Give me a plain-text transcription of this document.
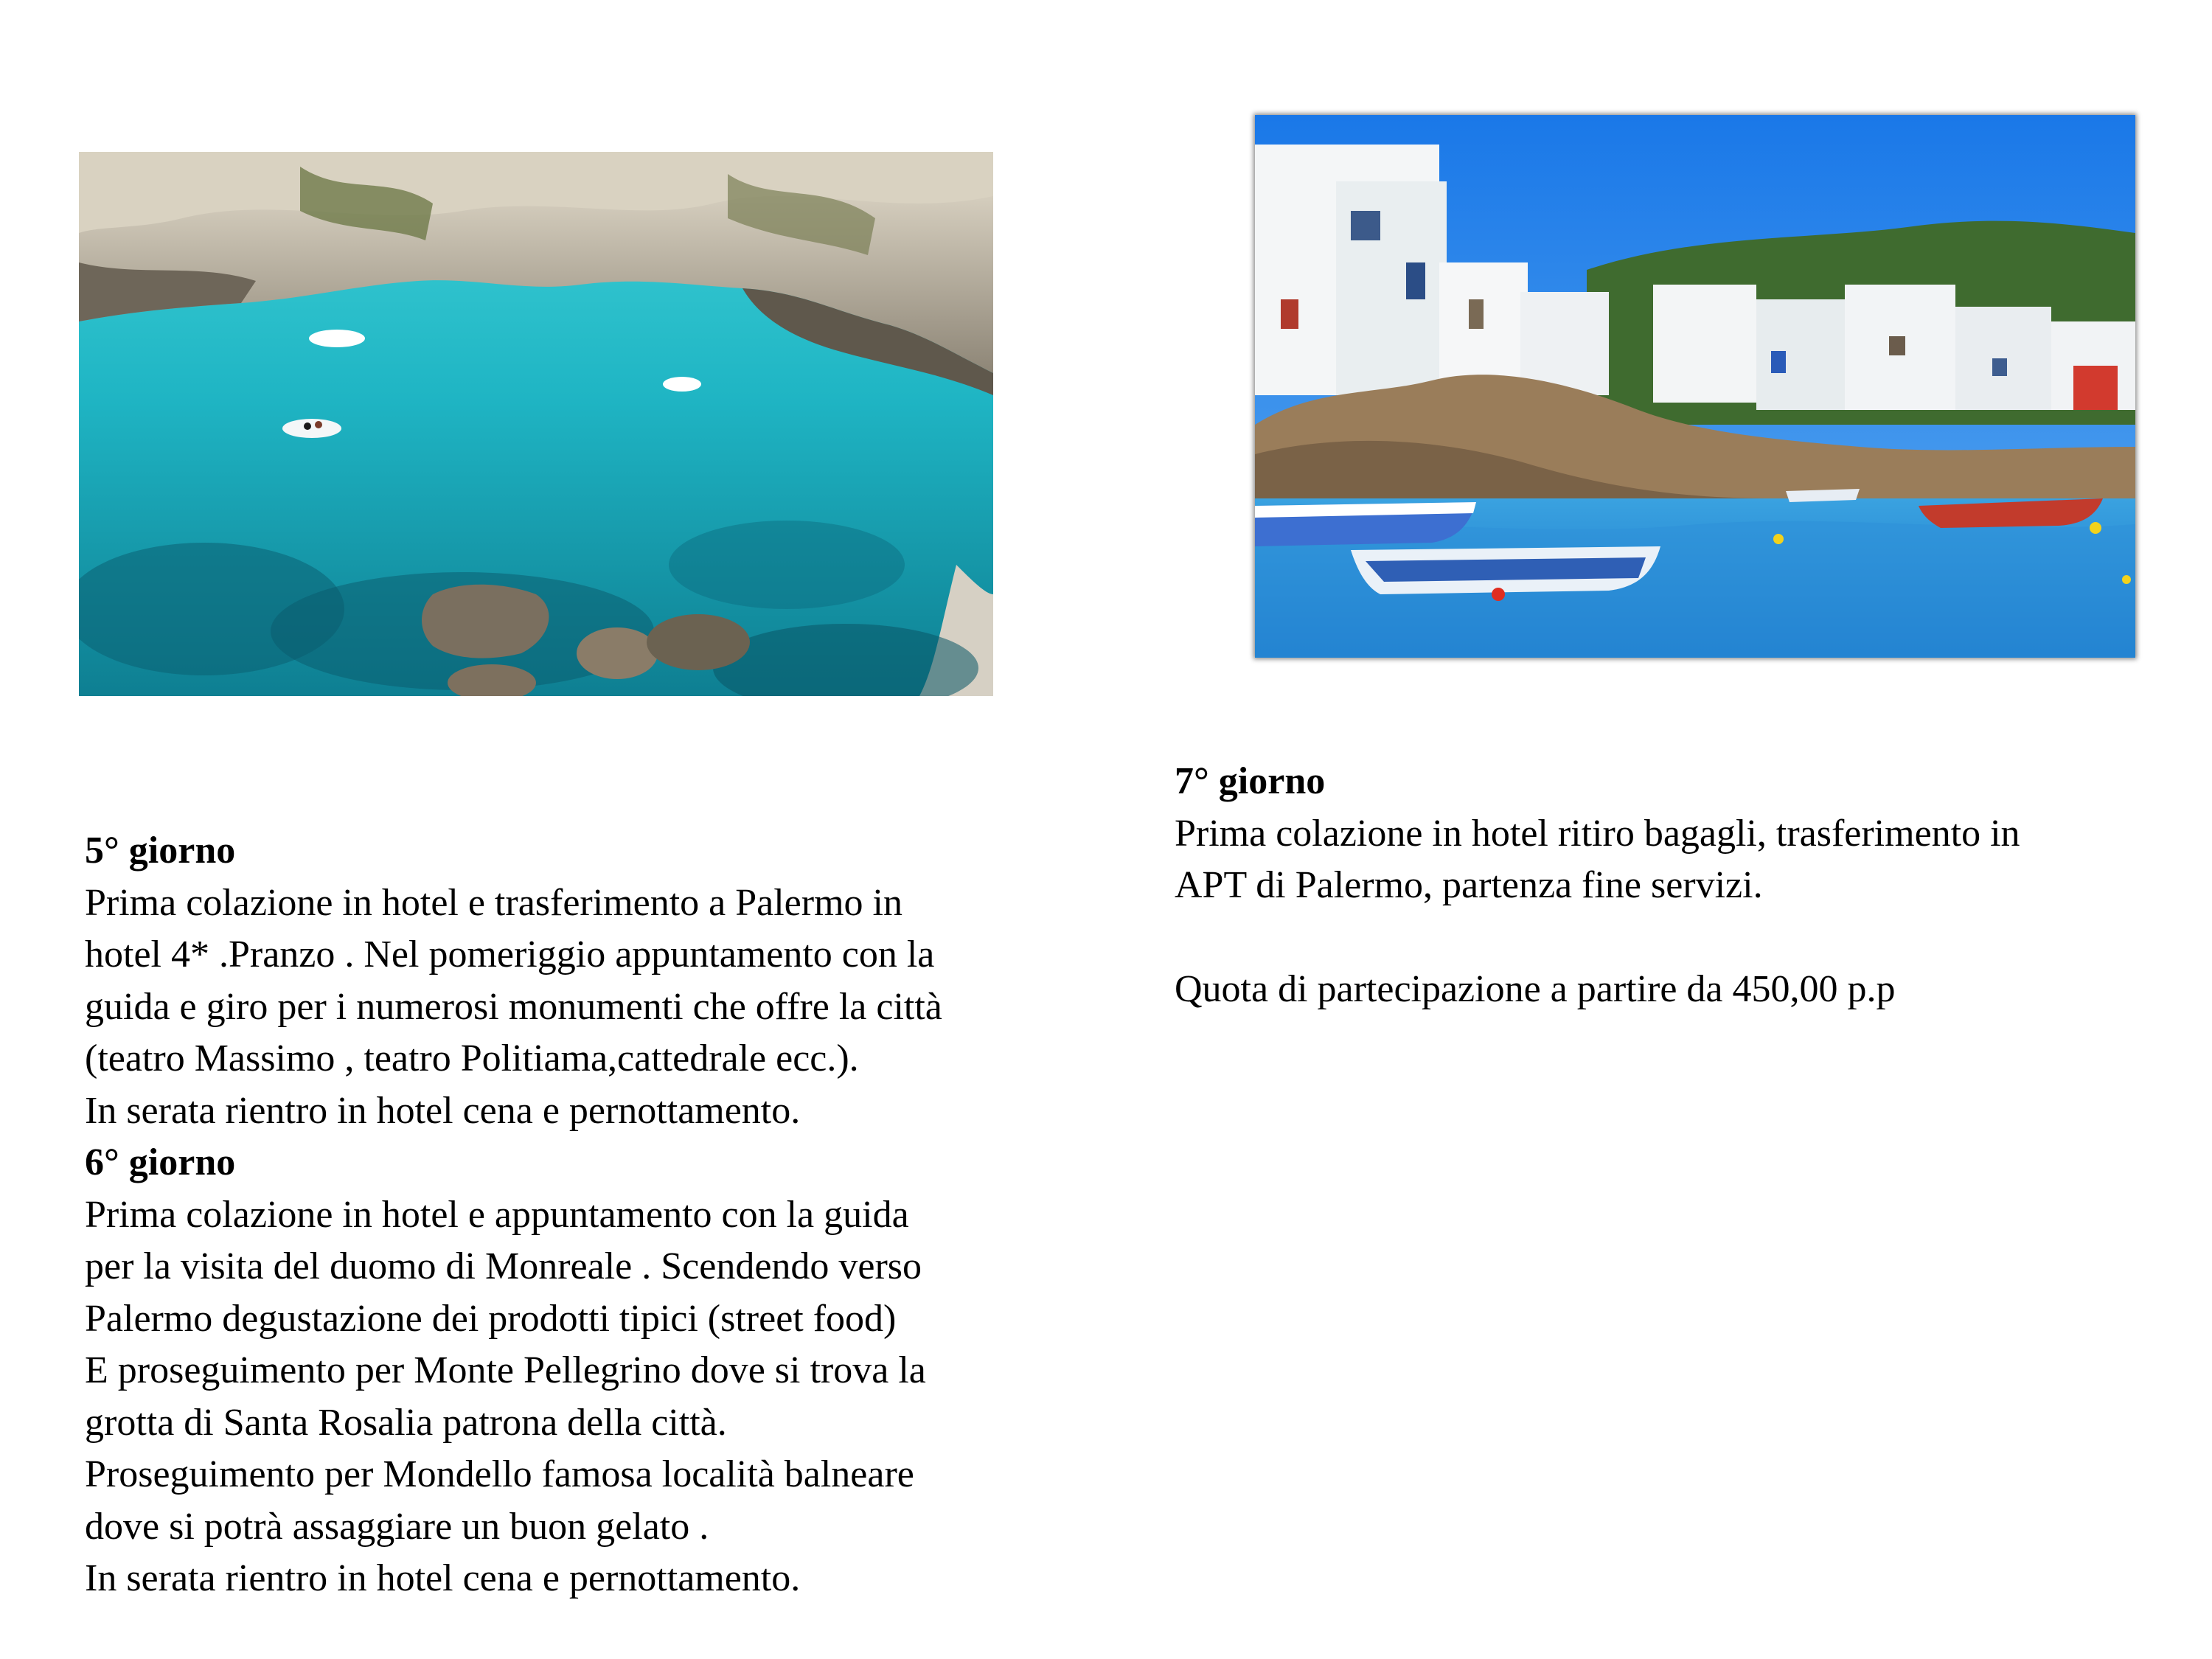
5° giorno

Prima colazione in hotel e trasferimento a Palermo in

hotel 4* .Pranzo . Nel pomeriggio appuntamento con la

guida e giro per i numerosi monumenti che offre la città

(teatro Massimo , teatro Politiama,cattedrale ecc.).

In serata rientro in hotel cena e pernottamento.

6° giorno

Prima colazione in hotel e appuntamento con la guida

per la visita del duomo di Monreale . Scendendo verso

Palermo degustazione dei prodotti tipici (street food)

E proseguimento per Monte Pellegrino dove si trova la

grotta di Santa Rosalia patrona della città.

Proseguimento per Mondello famosa località balneare

dove si potrà assaggiare un buon gelato .

In serata rientro in hotel cena e pernottamento.

7° giorno

Prima colazione in hotel ritiro bagagli, trasferimento in

APT di Palermo, partenza fine servizi.

Quota di partecipazione a partire da 450,00 p.p
